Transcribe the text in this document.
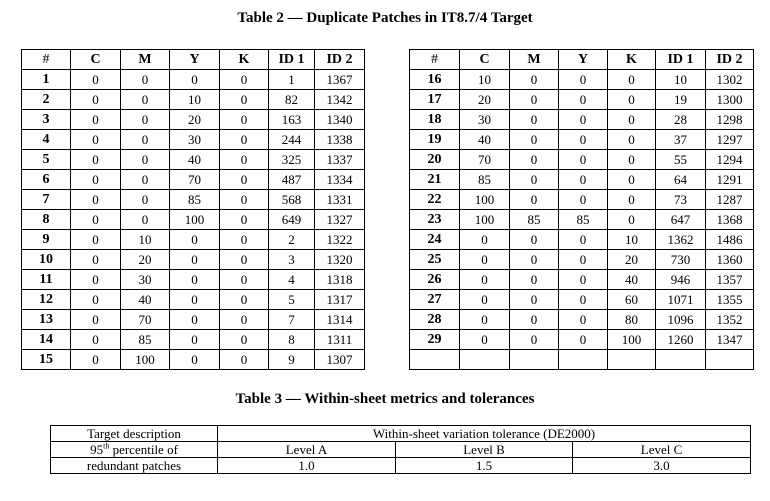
Table 2 — Duplicate Patches in IT8.7/4 Target
#	C	M	Y	K	ID 1	ID 2		#	C	M	Y	K	ID 1	ID 2
1	0	0	0	0	1	1367		16	10	0	0	0	10	1302
2	0	0	10	0	82	1342		17	20	0	0	0	19	1300
3	0	0	20	0	163	1340		18	30	0	0	0	28	1298
4	0	0	30	0	244	1338		19	40	0	0	0	37	1297
5	0	0	40	0	325	1337		20	70	0	0	0	55	1294
6	0	0	70	0	487	1334		21	85	0	0	0	64	1291
7	0	0	85	0	568	1331		22	100	0	0	0	73	1287
8	0	0	100	0	649	1327		23	100	85	85	0	647	1368
9	0	10	0	0	2	1322		24	0	0	0	10	1362	1486
10	0	20	0	0	3	1320		25	0	0	0	20	730	1360
11	0	30	0	0	4	1318		26	0	0	0	40	946	1357
12	0	40	0	0	5	1317		27	0	0	0	60	1071	1355
13	0	70	0	0	7	1314		28	0	0	0	80	1096	1352
14	0	85	0	0	8	1311		29	0	0	0	100	1260	1347
15	0	100	0	0	9	1307								
Table 3 — Within-sheet metrics and tolerances
Target description	Within-sheet variation tolerance (DE2000)		
95th percentile of	Level A	Level B	Level C
redundant patches	1.0	1.5	3.0
